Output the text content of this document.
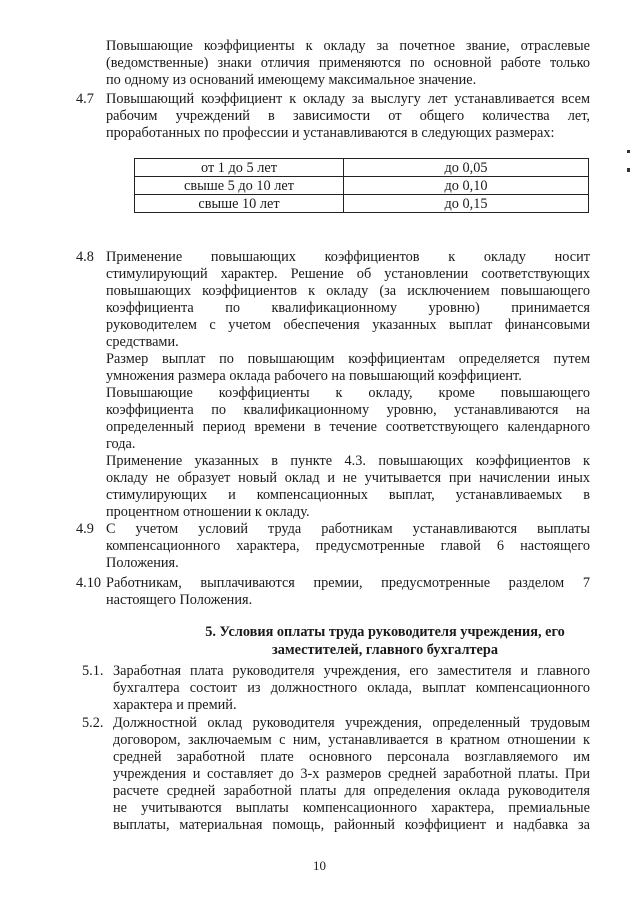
Повышающие коэффициенты к окладу за почетное звание, отраслевые
(ведомственные) знаки отличия применяются по основной работе только
по одному из оснований имеющему максимальное значение.
4.7 Повышающий коэффициент к окладу за выслугу лет устанавливается всем
рабочим учреждений в зависимости от общего количества лет,
проработанных по профессии и устанавливаются в следующих размерах:
от 1 до 5 лет	до 0,05
свыше 5 до 10 лет	до 0,10
свыше 10 лет	до 0,15
4.8 Применение повышающих коэффициентов к окладу носит
стимулирующий характер. Решение об установлении соответствующих
повышающих коэффициентов к окладу (за исключением повышающего
коэффициента по квалификационному уровню) принимается
руководителем с учетом обеспечения указанных выплат финансовыми
средствами.
Размер выплат по повышающим коэффициентам определяется путем
умножения размера оклада рабочего на повышающий коэффициент.
Повышающие коэффициенты к окладу, кроме повышающего
коэффициента по квалификационному уровню, устанавливаются на
определенный период времени в течение соответствующего календарного
года.
Применение указанных в пункте 4.3. повышающих коэффициентов к
окладу не образует новый оклад и не учитывается при начислении иных
стимулирующих и компенсационных выплат, устанавливаемых в
процентном отношении к окладу.
4.9 С учетом условий труда работникам устанавливаются выплаты
компенсационного характера, предусмотренные главой 6 настоящего
Положения.
4.10 Работникам, выплачиваются премии, предусмотренные разделом 7
настоящего Положения.
5. Условия оплаты труда руководителя учреждения, его
заместителей, главного бухгалтера
5.1. Заработная плата руководителя учреждения, его заместителя и главного
бухгалтера состоит из должностного оклада, выплат компенсационного
характера и премий.
5.2. Должностной оклад руководителя учреждения, определенный трудовым
договором, заключаемым с ним, устанавливается в кратном отношении к
средней заработной плате основного персонала возглавляемого им
учреждения и составляет до 3-х размеров средней заработной платы. При
расчете средней заработной платы для определения оклада руководителя
не учитываются выплаты компенсационного характера, премиальные
выплаты, материальная помощь, районный коэффициент и надбавка за
10
